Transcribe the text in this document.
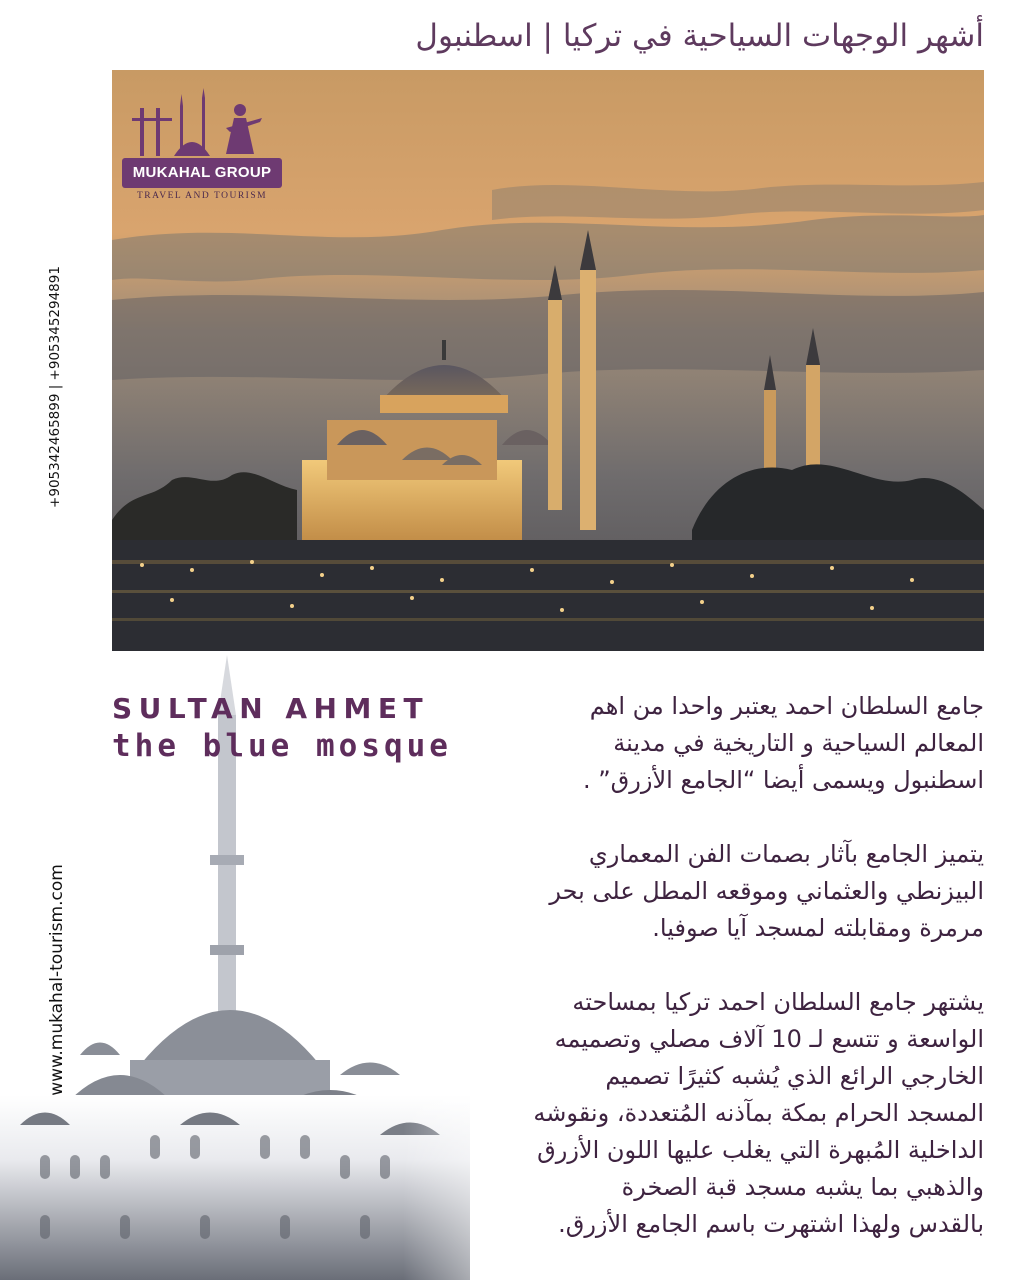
أشهر الوجهات السياحية في تركيا | اسطنبول
MUKAHAL GROUP
TRAVEL AND TOURISM
+905342465899 | +905345294891
www.mukahal-tourism.com
SULTAN AHMET
the blue mosque

جامع السلطان احمد يعتبر واحدا من اهم
المعالم السياحية و التاريخية في مدينة
اسطنبول ويسمى أيضا “الجامع الأزرق” .

يتميز الجامع بآثار بصمات الفن المعماري
البيزنطي والعثماني وموقعه المطل على بحر
مرمرة ومقابلته لمسجد آيا صوفيا.

يشتهر جامع السلطان احمد تركيا بمساحته
الواسعة و تتسع لـ 10 آلاف مصلي وتصميمه
الخارجي الرائع الذي يُشبه كثيرًا تصميم
المسجد الحرام بمكة بمآذنه المُتعددة، ونقوشه
الداخلية المُبهرة التي يغلب عليها اللون الأزرق
والذهبي بما يشبه مسجد قبة الصخرة
بالقدس ولهذا اشتهرت باسم الجامع الأزرق.
